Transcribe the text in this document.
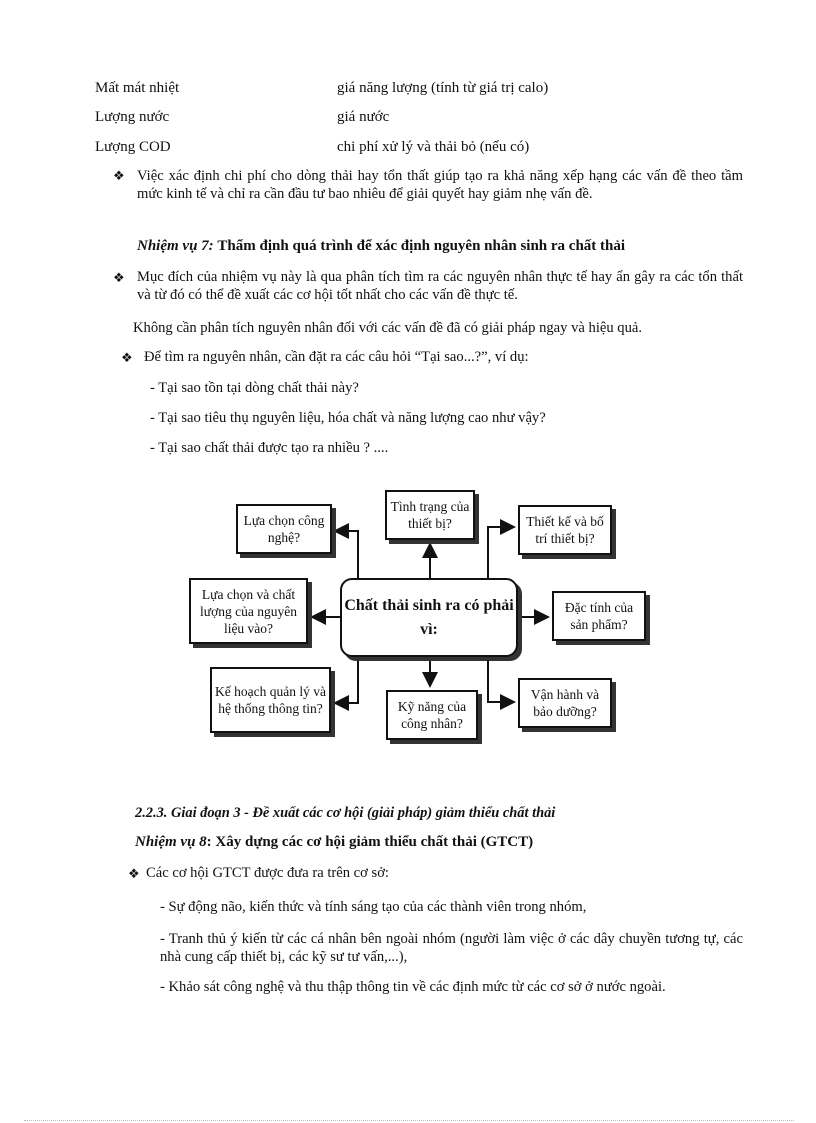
Mất mát nhiệt	giá năng lượng (tính từ giá trị calo)
Lượng nước	giá nước
Lượng COD	chi phí xử lý và thải bỏ (nếu có)
❖ Việc xác định chi phí cho dòng thải hay tổn thất giúp tạo ra khả năng xếp hạng các vấn đề theo tầm mức kinh tế và chỉ ra cần đầu tư bao nhiêu để giải quyết hay giảm nhẹ vấn đề.
Nhiệm vụ 7: Thẩm định quá trình để xác định nguyên nhân sinh ra chất thải
❖ Mục đích của nhiệm vụ này là qua phân tích tìm ra các nguyên nhân thực tế hay ẩn gây ra các tổn thất và từ đó có thể đề xuất các cơ hội tốt nhất cho các vấn đề thực tế.
Không cần phân tích nguyên nhân đối với các vấn đề đã có giải pháp ngay và hiệu quả.
❖ Để tìm ra nguyên nhân, cần đặt ra các câu hỏi “Tại sao...?”, ví dụ:
- Tại sao tồn tại dòng chất thải này?
- Tại sao tiêu thụ nguyên liệu, hóa chất và năng lượng cao như vậy?
- Tại sao chất thải được tạo ra nhiều ? ....
Chất thải sinh ra có phải vì:
Lựa chọn công nghệ?
Tình trạng của thiết bị?	Thiết kế và bố trí thiết bị?
Lựa chọn và chất lượng của nguyên liệu vào?
Đặc tính của sản phẩm?
Kế hoạch quản lý và hệ thống thông tin?	Kỹ năng của công nhân?
Vận hành và bảo dưỡng?
2.2.3. Giai đoạn 3 - Đề xuất các cơ hội (giải pháp) giảm thiểu chất thải
Nhiệm vụ 8: Xây dựng các cơ hội giảm thiểu chất thải (GTCT)
❖ Các cơ hội GTCT được đưa ra trên cơ sở:
- Sự động não, kiến thức và tính sáng tạo của các thành viên trong nhóm,
- Tranh thủ ý kiến từ các cá nhân bên ngoài nhóm (người làm việc ở các dây chuyền tương tự, các nhà cung cấp thiết bị, các kỹ sư tư vấn,...),
- Khảo sát công nghệ và thu thập thông tin về các định mức từ các cơ sở ở nước ngoài.
